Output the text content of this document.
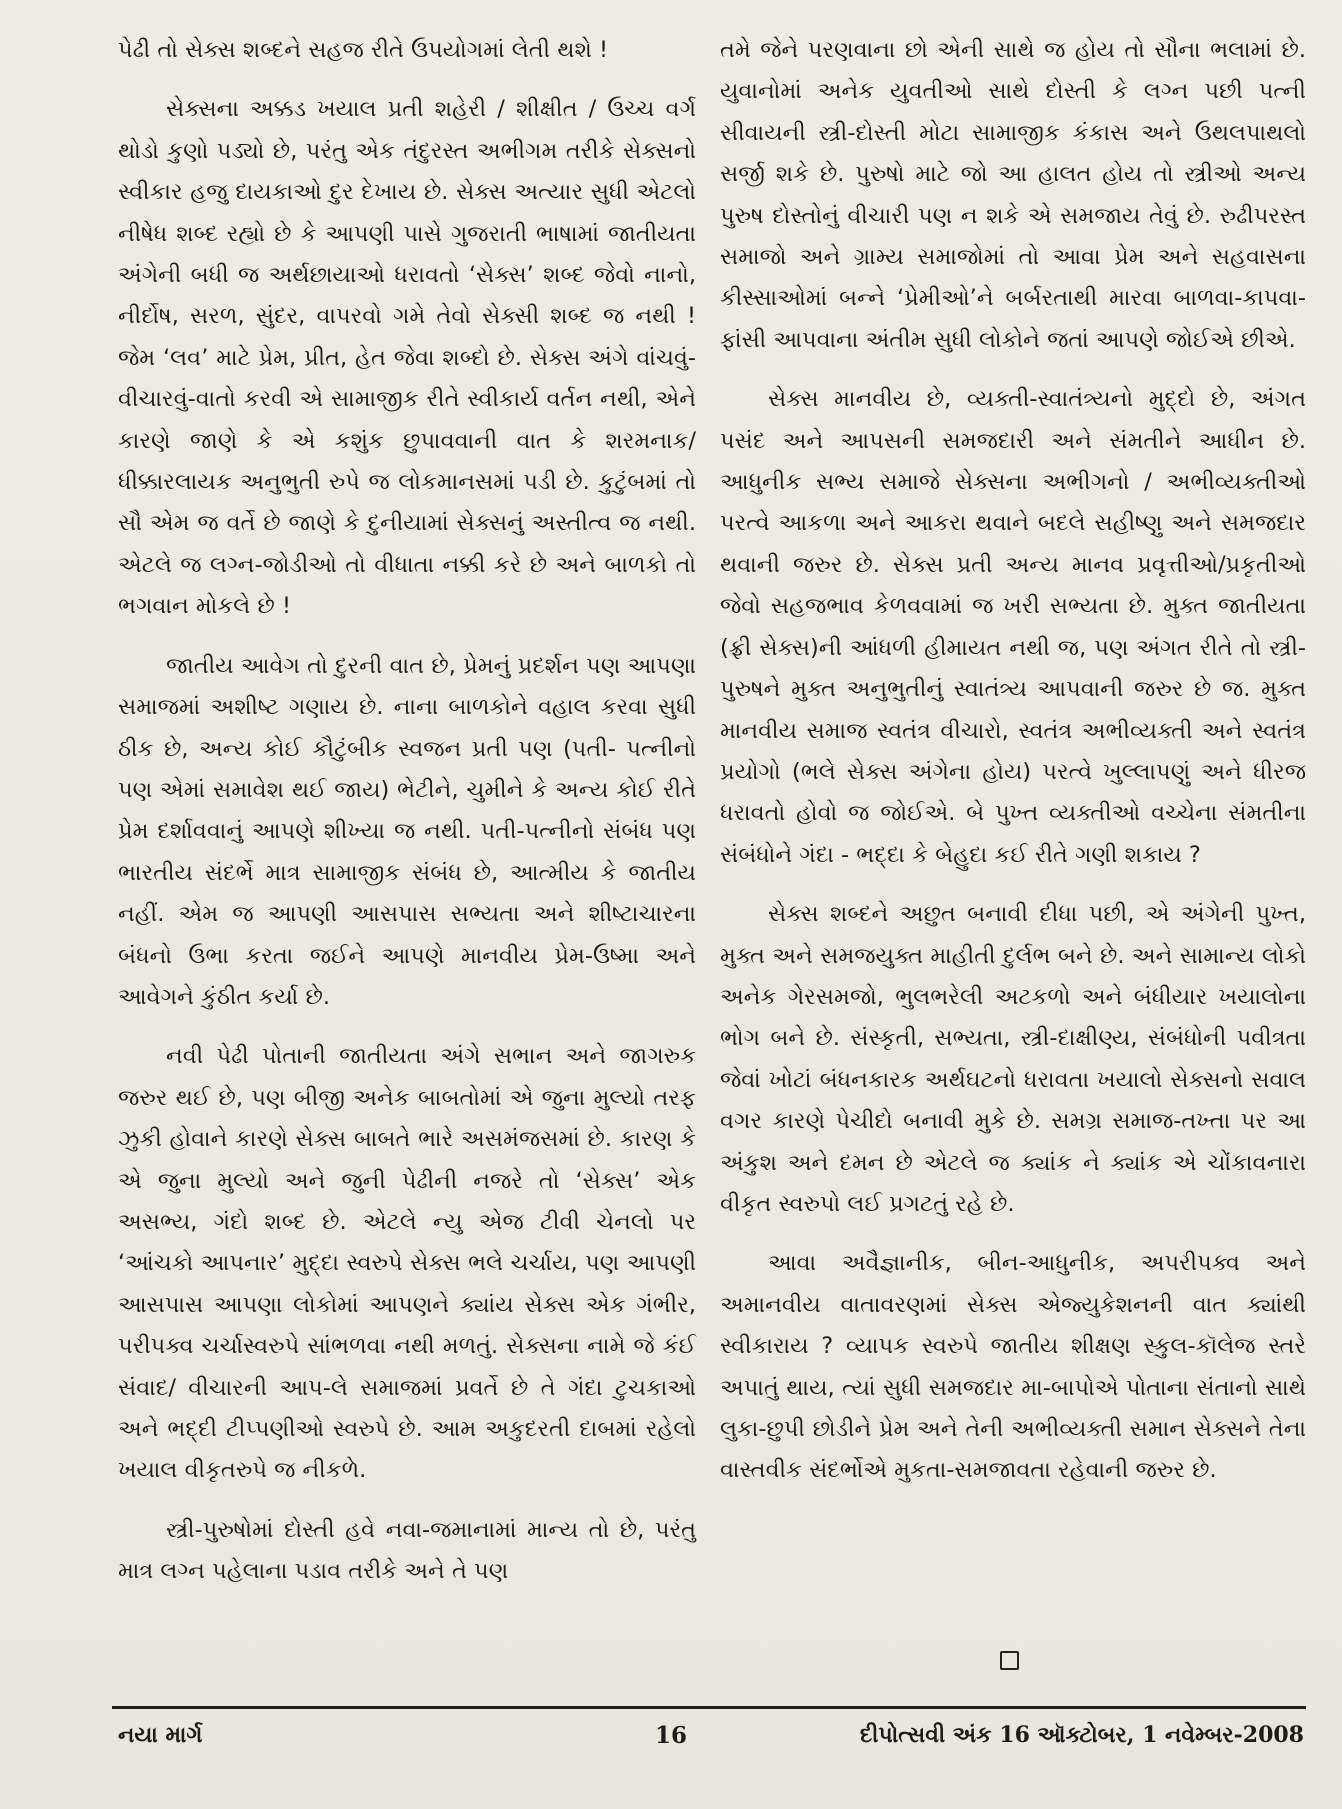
પેઢી તો સેક્સ શબ્દને સહજ રીતે ઉપયોગમાં લેતી થશે !

સેક્સના અક્કડ ખયાલ પ્રતી શહેરી / શીક્ષીત / ઉચ્ચ વર્ગ થોડો કુણો પડ્યો છે, પરંતુ એક તંદુરસ્ત અભીગમ તરીકે સેક્સનો સ્વીકાર હજુ દાયકાઓ દુર દેખાય છે. સેક્સ અત્યાર સુધી એટલો નીષેધ શબ્દ રહ્યો છે કે આપણી પાસે ગુજરાતી ભાષામાં જાતીયતા અંગેની બધી જ અર્થછાયાઓ ધરાવતો ‘સેક્સ’ શબ્દ જેવો નાનો, નીર્દોષ, સરળ, સુંદર, વાપરવો ગમે તેવો સેક્સી શબ્દ જ નથી ! જેમ ‘લવ’ માટે પ્રેમ, પ્રીત, હેત જેવા શબ્દો છે. સેક્સ અંગે વાંચવું-વીચારવું-વાતો કરવી એ સામાજીક રીતે સ્વીકાર્ય વર્તન નથી, એને કારણે જાણે કે એ કશુંક છુપાવવાની વાત કે શરમનાક/ધીક્કારલાયક અનુભુતી રુપે જ લોકમાનસમાં પડી છે. કુટુંબમાં તો સૌ એમ જ વર્તે છે જાણે કે દુનીયામાં સેક્સનું અસ્તીત્વ જ નથી. એટલે જ લગ્ન-જોડીઓ તો વીધાતા નક્કી કરે છે અને બાળકો તો ભગવાન મોકલે છે !

જાતીય આવેગ તો દુરની વાત છે, પ્રેમનું પ્રદર્શન પણ આપણા સમાજમાં અશીષ્ટ ગણાય છે. નાના બાળકોને વહાલ કરવા સુધી ઠીક છે, અન્ય કોઈ કૌટુંબીક સ્વજન પ્રતી પણ (પતી- પત્નીનો પણ એમાં સમાવેશ થઈ જાય) ભેટીને, ચુમીને કે અન્ય કોઈ રીતે પ્રેમ દર્શાવવાનું આપણે શીખ્યા જ નથી. પતી-પત્નીનો સંબંધ પણ ભારતીય સંદર્ભે માત્ર સામાજીક સંબંધ છે, આત્મીય કે જાતીય નહીં. એમ જ આપણી આસપાસ સભ્યતા અને શીષ્ટાચારના બંધનો ઉભા કરતા જઈને આપણે માનવીય પ્રેમ-ઉષ્મા અને આવેગને કુંઠીત કર્યા છે.

નવી પેઢી પોતાની જાતીયતા અંગે સભાન અને જાગરુક જરુર થઈ છે, પણ બીજી અનેક બાબતોમાં એ જુના મુલ્યો તરફ ઝુકી હોવાને કારણે સેક્સ બાબતે ભારે અસમંજસમાં છે. કારણ કે એ જુના મુલ્યો અને જુની પેઢીની નજરે તો ‘સેક્સ’ એક અસભ્ય, ગંદો શબ્દ છે. એટલે ન્યુ એજ ટીવી ચેનલો પર ‘આંચકો આપનાર’ મુદ્દા સ્વરુપે સેક્સ ભલે ચર્ચાય, પણ આપણી આસપાસ આપણા લોકોમાં આપણને ક્યાંય સેક્સ એક ગંભીર, પરીપક્વ ચર્ચાસ્વરુપે સાંભળવા નથી મળતું. સેક્સના નામે જે કંઈ સંવાદ/ વીચારની આપ-લે સમાજમાં પ્રવર્તે છે તે ગંદા ટુચકાઓ અને ભદ્દી ટીપ્પણીઓ સ્વરુપે છે. આમ અકુદરતી દાબમાં રહેલો ખયાલ વીકૃતરુપે જ નીકળે.

સ્ત્રી-પુરુષોમાં દોસ્તી હવે નવા-જમાનામાં માન્ય તો છે, પરંતુ માત્ર લગ્ન પહેલાના પડાવ તરીકે અને તે પણ

તમે જેને પરણવાના છો એની સાથે જ હોય તો સૌના ભલામાં છે. યુવાનોમાં અનેક યુવતીઓ સાથે દોસ્તી કે લગ્ન પછી પત્ની સીવાયની સ્ત્રી-દોસ્તી મોટા સામાજીક કંકાસ અને ઉથલપાથલો સર્જી શકે છે. પુરુષો માટે જો આ હાલત હોય તો સ્ત્રીઓ અન્ય પુરુષ દોસ્તોનું વીચારી પણ ન શકે એ સમજાય તેવું છે. રુઢીપરસ્ત સમાજો અને ગ્રામ્ય સમાજોમાં તો આવા પ્રેમ અને સહવાસના કીસ્સાઓમાં બન્ને ‘પ્રેમીઓ’ને બર્બરતાથી મારવા બાળવા-કાપવા-ફાંસી આપવાના અંતીમ સુધી લોકોને જતાં આપણે જોઈએ છીએ.

સેક્સ માનવીય છે, વ્યક્તી-સ્વાતંત્ર્યનો મુદ્દો છે, અંગત પસંદ અને આપસની સમજદારી અને સંમતીને આધીન છે. આધુનીક સભ્ય સમાજે સેક્સના અભીગનો / અભીવ્યક્તીઓ પરત્વે આકળા અને આકરા થવાને બદલે સહીષ્ણુ અને સમજદાર થવાની જરુર છે. સેક્સ પ્રતી અન્ય માનવ પ્રવૃત્તીઓ/પ્રકૃતીઓ જેવો સહજભાવ કેળવવામાં જ ખરી સભ્યતા છે. મુક્ત જાતીયતા (ફ્રી સેક્સ)ની આંધળી હીમાયત નથી જ, પણ અંગત રીતે તો સ્ત્રી-પુરુષને મુક્ત અનુભુતીનું સ્વાતંત્ર્ય આપવાની જરુર છે જ. મુક્ત માનવીય સમાજ સ્વતંત્ર વીચારો, સ્વતંત્ર અભીવ્યક્તી અને સ્વતંત્ર પ્રયોગો (ભલે સેક્સ અંગેના હોય) પરત્વે ખુલ્લાપણું અને ધીરજ ધરાવતો હોવો જ જોઈએ. બે પુખ્ત વ્યક્તીઓ વચ્ચેના સંમતીના સંબંધોને ગંદા - ભદ્દા કે બેહુદા કઈ રીતે ગણી શકાય ?

સેક્સ શબ્દને અછુત બનાવી દીધા પછી, એ અંગેની પુખ્ત, મુક્ત અને સમજયુક્ત માહીતી દુર્લભ બને છે. અને સામાન્ય લોકો અનેક ગેરસમજો, ભુલભરેલી અટકળો અને બંધીયાર ખયાલોના ભોગ બને છે. સંસ્કૃતી, સભ્યતા, સ્ત્રી-દાક્ષીણ્ય, સંબંધોની પવીત્રતા જેવાં ખોટાં બંધનકારક અર્થઘટનો ધરાવતા ખયાલો સેક્સનો સવાલ વગર કારણે પેચીદો બનાવી મુકે છે. સમગ્ર સમાજ-તખ્તા પર આ અંકુશ અને દમન છે એટલે જ ક્યાંક ને ક્યાંક એ ચોંકાવનારા વીકૃત સ્વરુપો લઈ પ્રગટતું રહે છે.

આવા અવૈજ્ઞાનીક, બીન-આધુનીક, અપરીપક્વ અને અમાનવીય વાતાવરણમાં સેક્સ એજ્યુકેશનની વાત ક્યાંથી સ્વીકારાય ? વ્યાપક સ્વરુપે જાતીય શીક્ષણ સ્કુલ-કૉલેજ સ્તરે અપાતું થાય, ત્યાં સુધી સમજદાર મા-બાપોએ પોતાના સંતાનો સાથે લુકા-છુપી છોડીને પ્રેમ અને તેની અભીવ્યક્તી સમાન સેક્સને તેના વાસ્તવીક સંદર્ભોએ મુકતા-સમજાવતા રહેવાની જરુર છે.

નયા માર્ગ	16	દીપોત્સવી અંક 16 ઑક્ટોબર, 1 નવેમ્બર-2008
